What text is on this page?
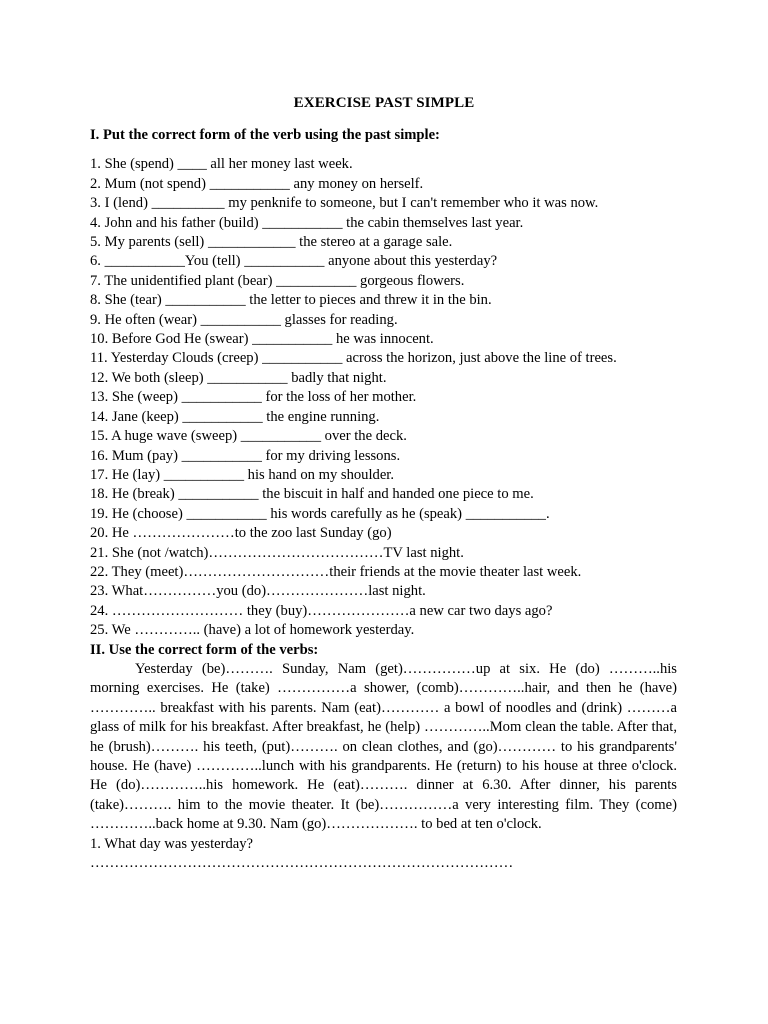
EXERCISE PAST SIMPLE
I. Put the correct form of the verb using the past simple:
1. She (spend) ____ all her money last week.
2. Mum (not spend) ___________ any money on herself.
3. I (lend) __________ my penknife to someone, but I can't remember who it was now.
4. John and his father (build) ___________ the cabin themselves last year.
5. My parents (sell) ____________ the stereo at a garage sale.
6. ___________You (tell) ___________ anyone about this yesterday?
7. The unidentified plant (bear) ___________ gorgeous flowers.
8. She (tear) ___________ the letter to pieces and threw it in the bin.
9. He often (wear) ___________ glasses for reading.
10. Before God He (swear) ___________ he was innocent.
11. Yesterday Clouds (creep) ___________ across the horizon, just above the line of trees.
12. We both (sleep) ___________ badly that night.
13. She (weep) ___________ for the loss of her mother.
14. Jane (keep) ___________ the engine running.
15. A huge wave (sweep) ___________ over the deck.
16. Mum (pay) ___________ for my driving lessons.
17. He (lay) ___________ his hand on my shoulder.
18. He (break) ___________ the biscuit in half and handed one piece to me.
19. He (choose) ___________ his words carefully as he (speak) ___________.
20. He …………………to the zoo last Sunday (go)
21. She (not /watch)………………………………TV last night.
22. They (meet)…………………………their friends at the movie theater last week.
23. What……………you (do)…………………last night.
24. ……………………… they (buy)…………………a new car two days ago?
25. We ………….. (have) a lot of homework yesterday.
II. Use the correct form of the verbs:
Yesterday (be)………. Sunday, Nam (get)……………up at six. He (do) ………..his morning exercises. He (take) ……………a shower, (comb)…………..hair, and then he (have) ………….. breakfast with his parents. Nam (eat)………… a bowl of noodles and (drink) ………a glass of milk for his breakfast. After breakfast, he (help) …………..Mom clean the table. After that, he (brush)………. his teeth, (put)………. on clean clothes, and (go)………… to his grandparents' house. He (have) …………..lunch with his grandparents. He (return) to his house at three o'clock. He (do)…………..his homework. He (eat)………. dinner at 6.30. After dinner, his parents (take)………. him to the movie theater. It (be)……………a very interesting film. They (come) …………..back home at 9.30. Nam (go)………………. to bed at ten o'clock.
1. What day was yesterday?
……………………………………………………………………………
